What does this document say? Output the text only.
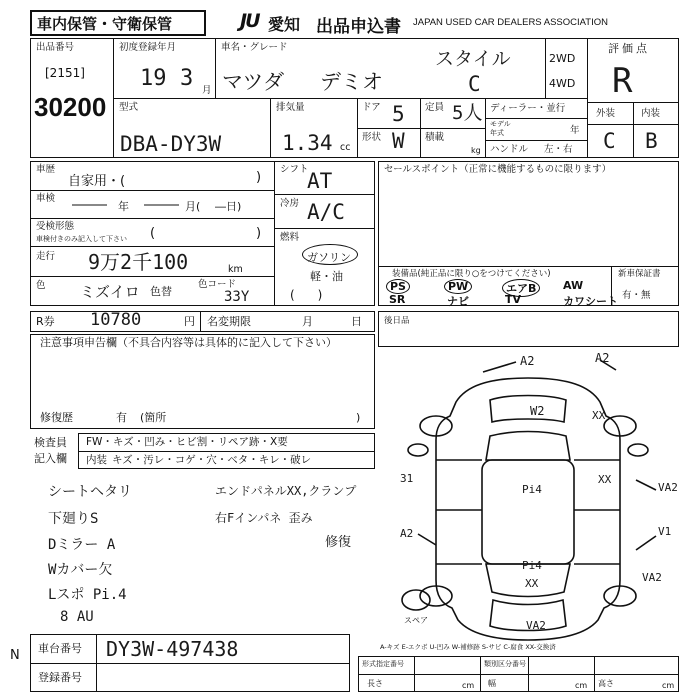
車内保管・守衛保管	JU 愛知 出品申込書 JAPAN USED CAR DEALERS ASSOCIATION
出品番号
[2151]
30200
初度登録年月
19 3 月
車名・グレード
マツダ デミオ
スタイル
C
2WD
4WD
評価点
R
外装	内装
C B
型式
DBA-DY3W
排気量
1.34 cc
ドア 5 定員 5人
形状 W 積載
kg
ディーラー・並行
モデル
年式	年
ハンドル 左・右
車歴
自家用・(	)
車検 ― 年 ― 月( ―日)
受検形態
車検付きのみ記入して下さい (	)
走行 9万2千100	km
色 ミズイロ 色替
色コード
33Y
シフト
AT
冷房 A/C
燃料
ガソリン
軽・油
(      )
セールスポイント（正常に機能するものに限ります）
装備品(純正品に限り○をつけてください)	新車保証書
有・無
R券 10780	円 名変期限	月	日	後日品
注意事項申告欄（不具合内容等は具体的に記入して下さい）
修復歴	有 (箇所	)
検査員
記入欄
FW・キズ・凹み・ヒビ割・リペア跡・X要
内装 キズ・汚レ・コゲ・穴・ベタ・キレ・破レ
シートヘタリ
下廻りS
Dミラー A
Wカバー欠
Lスポ Pi.4
8 AU
エンドパネルXX,クランプ
右Fインパネ 歪み
修復
N 車台番号 DY3W-497438
登録番号
形式指定番号	類別区分番号
長さ	cm 幅	cm 高さ	cm
PS	PW	エアB	AW
SR	ナビ	TV	カワシート
スペア
A-キズ E-エクボ U-凹み W-補修跡 S-サビ C-腐食 XX-交換済
A2	A2
W2	XX
Pi4
XX
VA2
V1
A2
Pi4
XX	VA2
VA2
31
